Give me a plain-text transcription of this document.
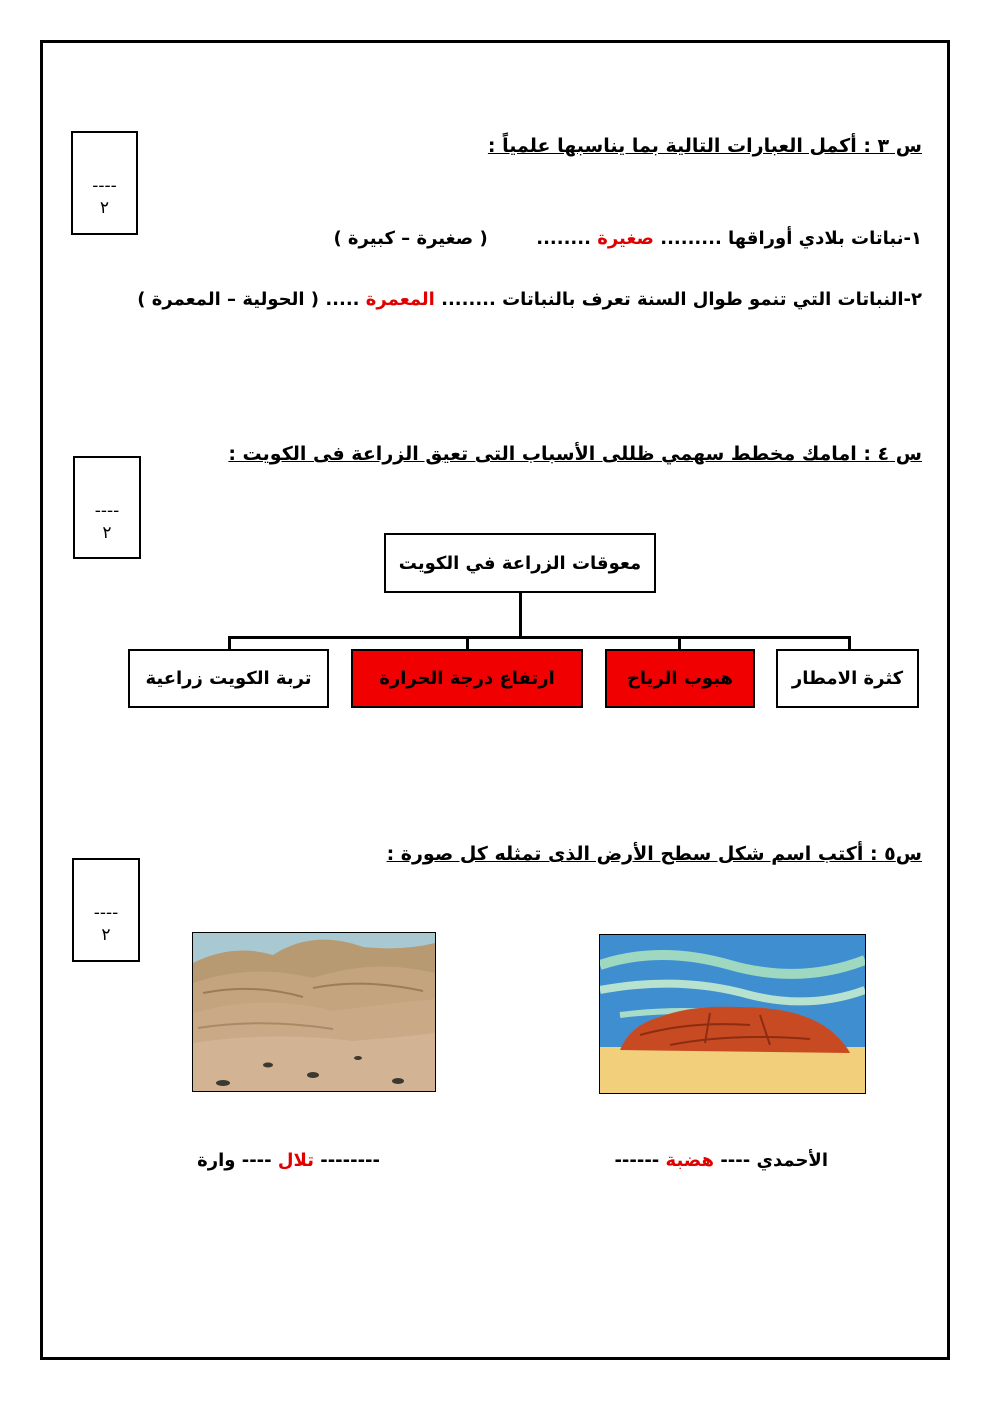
----
٢
س ٣ : أكمل العبارات التالية بما يناسبها علمياً :
١-نباتات بلادي أوراقها ......... صغيرة ........  ( صغيرة – كبيرة )
٢-النباتات التي تنمو طوال السنة تعرف بالنباتات ........ المعمرة ..... ( الحولية – المعمرة )
----
٢
س ٤ : امامك مخطط سهمي ظللى الأسباب التى تعيق الزراعة فى الكويت :
معوقات الزراعة في الكويت
كثرة الامطار
هبوب الرياح
ارتفاع درجة الحرارة
تربة الكويت زراعية
----
٢
س٥ : أكتب اسم شكل سطح الأرض الذى تمثله كل صورة :
الأحمدي ---- هضبة ------
-------- تلال ---- وارة
